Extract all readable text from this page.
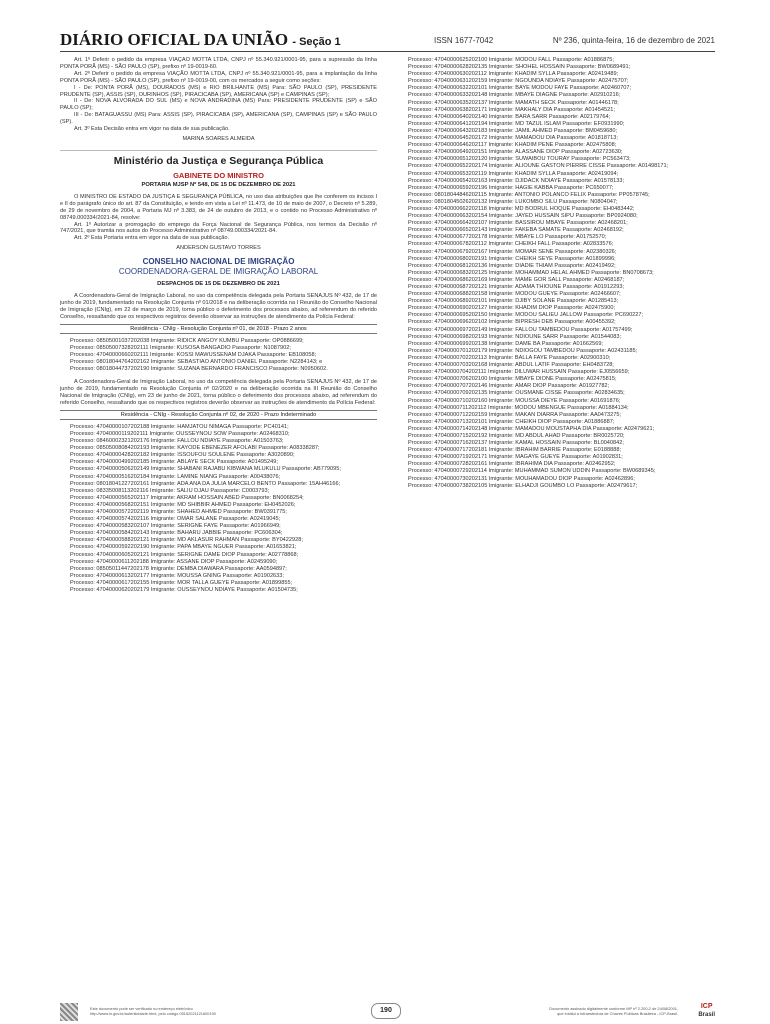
DIÁRIO OFICIAL DA UNIÃO - Seção 1	ISSN 1677-7042	Nº 236, quinta-feira, 16 de dezembro de 2021

Art. 1º Deferir o pedido da empresa VIAÇÃO MOTTA LTDA, CNPJ nº 55.340.921/0001-95, para a supressão da linha PONTA PORÃ (MS) - SÃO PAULO (SP), prefixo nº 19-0019-60.

Art. 2º Deferir o pedido da empresa VIAÇÃO MOTTA LTDA, CNPJ nº 55.340.921/0001-95, para a implantação da linha PONTA PORÃ (MS) - SÃO PAULO (SP), prefixo nº 19-0019-00, com os mercados a seguir como seções:

I - De: PONTA PORÃ (MS), DOURADOS (MS) e RIO BRILHANTE (MS) Para: SÃO PAULO (SP), PRESIDENTE PRUDENTE (SP), ASSIS (SP), OURINHOS (SP), PIRACICABA (SP), AMERICANA (SP) e CAMPINAS (SP);

II - De: NOVA ALVORADA DO SUL (MS) e NOVA ANDRADINA (MS) Para: PRESIDENTE PRUDENTE (SP) e SÃO PAULO (SP);

III - De: BATAGUASSU (MS) Para: ASSIS (SP), PIRACICABA (SP), AMERICANA (SP), CAMPINAS (SP) e SÃO PAULO (SP).

Art. 3º Esta Decisão entra em vigor na data de sua publicação.

MARINA SOARES ALMEIDA
Ministério da Justiça e Segurança Pública
GABINETE DO MINISTRO
PORTARIA MJSP Nº 548, DE 15 DE DEZEMBRO DE 2021

O MINISTRO DE ESTADO DA JUSTIÇA E SEGURANÇA PÚBLICA, no uso das atribuições que lhe conferem os incisos I e II do parágrafo único do art. 87 da Constituição, e tendo em vista a Lei nº 11.473, de 10 de maio de 2007, o Decreto nº 5.289, de 29 de novembro de 2004, a Portaria MJ nº 3.383, de 24 de outubro de 2013, e o contido no Processo Administrativo nº 08749.000334/2021-84, resolve:

Art. 1º Autorizar a prorrogação do emprego da Força Nacional de Segurança Pública, nos termos da Decisão nº 747/2021, que tramita nos autos do Processo Administrativo nº 08749.000334/2021-84.

Art. 2º Esta Portaria entra em vigor na data de sua publicação.

ANDERSON GUSTAVO TORRES
CONSELHO NACIONAL DE IMIGRAÇÃO
COORDENADORA-GERAL DE IMIGRAÇÃO LABORAL
DESPACHOS DE 15 DE DEZEMBRO DE 2021

A Coordenadora-Geral de Imigração Laboral, no uso da competência delegada pela Portaria SENAJUS Nº 432, de 17 de junho de 2019, fundamentado na Resolução Conjunta nº 01/2018 e na deliberação ocorrida na I Reunião do Conselho Nacional de Imigração (CNIg), em 22 de março de 2019, torna público o deferimento dos processos abaixo, ad referendum do referido Conselho, ressaltando que os respectivos registros deverão observar as instruções de atendimento da Polícia Federal:

Residência - CNIg - Resolução Conjunta nº 01, de 2018 - Prazo 2 anos

Processo: 08505001037202038 Imigrante: RIDICK ANGOY KUMBU Passaporte: OP0886699;

Processo: 08505007328202111 Imigrante: KUSOSA BANGADIO Passaporte: N1087902;

Processo: 47040000660202111 Imigrante: KOSSI MAWUSSENAM DJAKA Passaporte: EB108058;

Processo: 08018044764202162 Imigrante: SEBASTIAO ANTONIO DANIEL Passaporte: N2284143; e

Processo: 08018044737202190 Imigrante: SUZANA BERNARDO FRANCISCO Passaporte: N0950602.

A Coordenadora-Geral de Imigração Laboral, no uso da competência delegada pela Portaria SENAJUS Nº 432, de 17 de junho de 2019, fundamentado na Resolução Conjunta nº 02/2020 e na deliberação ocorrida na III Reunião do Conselho Nacional de Imigração (CNIg), em 23 de junho de 2021, torna público o deferimento dos processos abaixo, ad referendum do referido Conselho, ressaltando que os respectivos registros deverão observar as instruções de atendimento da Polícia Federal:

Residência - CNIg - Resolução Conjunta nº 02, de 2020 - Prazo Indeterminado

Processo: 47040000107202188 Imigrante: HAMJATOU NIMAGA Passaporte: PC40141;

Processo: 47040000119202111 Imigrante: OUSSEYNOU SOW Passaporte: A02468310;

Processo: 08460002321202176 Imigrante: FALLOU NDIAYE Passaporte: A01503763;

Processo: 08505008084202193 Imigrante: KAYODE EBENEZER AFOLABI Passaporte: A08338287;

Processo: 47040000428202182 Imigrante: ISSOUFOU SOULENE Passaporte: A3020890;

Processo: 47040000499202185 Imigrante: ABLAYE SECK Passaporte: A01495249;

Processo: 47040000506202149 Imigrante: SHABANI RAJABU KIBWANA MLUKULU Passaporte: AB779095;

Processo: 47040000516202184 Imigrante: LAMINE NIANG Passaporte: A00438076;

Processo: 08018041227202161 Imigrante: ADA ANA DA JULIA MARCELO BENTO Passaporte: 15AH46166;

Processo: 08335008113202116 Imigrante: SALIU DJAU Passaporte: C0003793;

Processo: 47040000565202117 Imigrante: AKRAM HOSSAIN ABED Passaporte: BN0068254;

Processo: 47040000568202151 Imigrante: MD SHIBBIR AHMED Passaporte: EH0452026;

Processo: 47040000572202119 Imigrante: SHAHED AHMED Passaporte: BW0391775;

Processo: 47040000574202116 Imigrante: OMAR SALANE Passaporte: A02419045;

Processo: 47040000583202107 Imigrante: SERIGNE FAYE Passaporte: A01966949;

Processo: 47040000584202143 Imigrante: BAHARU JABBIE Passaporte: PC606304;

Processo: 47040000588202121 Imigrante: MD AKLASUR RAHMAN Passaporte: BY0422928;

Processo: 47040000592202190 Imigrante: PAPA MBAYE NGUER Passaporte: A01653821;

Processo: 47040000605202121 Imigrante: SERIGNE DAME DIOP Passaporte: A02778868;

Processo: 47040000611202188 Imigrante: ASSANE DIOP Passaporte: A02459090;

Processo: 08505011447202178 Imigrante: DEMBA DIAWARA Passaporte: AA0594897;

Processo: 47040000613202177 Imigrante: MOUSSA GNING Passaporte: A01902633;

Processo: 47040000617202155 Imigrante: MOR TALLA GUEYE Passaporte: A01899855;

Processo: 47040000620202179 Imigrante: OUSSEYNOU NDIAYE Passaporte: A01504735;

Processo: 47040000625202100 Imigrante: MODOU FALL Passaporte: A01886875;

Processo: 47040000628202135 Imigrante: SHOHEL HOSSAIN Passaporte: BW0689491;

Processo: 47040000630202112 Imigrante: KHADIM SYLLA Passaporte: A02419489;

Processo: 47040000631202159 Imigrante: NGOUNDA NDIAYE Passaporte: A02475707;

Processo: 47040000632202101 Imigrante: BAYE MODOU FAYE Passaporte: A02460707;

Processo: 47040000633202148 Imigrante: MBAYE DIAGNE Passaporte: A02910216;

Processo: 47040000635202137 Imigrante: MAMATH SECK Passaporte: A01446178;

Processo: 47040000638202171 Imigrante: MAKHALY DIA Passaporte: A01454521;

Processo: 47040000640202140 Imigrante: BARA SARR Passaporte: A02179764;

Processo: 47040000641202194 Imigrante: MD TAZUL ISLAM Passaporte: EF0931990;

Processo: 47040000643202183 Imigrante: JAMIL AHMED Passaporte: BM0459680;

Processo: 47040000645202172 Imigrante: MAMADOU DIA Passaporte: A01818713;

Processo: 47040000646202117 Imigrante: KHADIM PENE Passaporte: A02475808;

Processo: 47040000649202151 Imigrante: ALASSANE DIOP Passaporte: A02723630;

Processo: 47040000651202120 Imigrante: SUWAIBOU TOURAY Passaporte: PC563473;

Processo: 47040000652202174 Imigrante: ALIOUNE GASTON PIERRE CISSE Passaporte: A01498171;

Processo: 47040000653202119 Imigrante: KHADIM SYLLA Passaporte: A02419094;

Processo: 47040000654202163 Imigrante: DJIDACK NDIAYE Passaporte: A01578133;

Processo: 47040000659202196 Imigrante: HAGIE KABBA Passaporte: PC650077;

Processo: 08018044846202115 Imigrante: ANTONIO POLANCO FELIX Passaporte: PP0578745;

Processo: 08018045026202132 Imigrante: LUKOMBO SILU Passaporte: N0804047;

Processo: 47040000662202118 Imigrante: MD BODRUL HOQUE Passaporte: EH0483442;

Processo: 47040000663202154 Imigrante: JAYED HUSSAIN SIPU Passaporte: BP0924080;

Processo: 47040000664202107 Imigrante: BASSIROU MBAYE Passaporte: A02468201;

Processo: 47040000665202143 Imigrante: FAKEBA SAMATE Passaporte: A02468192;

Processo: 47040000677202178 Imigrante: MBAYE LO Passaporte: A01752570;

Processo: 47040000678202112 Imigrante: CHEIKH FALL Passaporte: A02833576;

Processo: 47040000679202167 Imigrante: MOMAR SENE Passaporte: A02380326;

Processo: 47040000680202191 Imigrante: CHEIKH SEYE Passaporte: A01899996;

Processo: 47040000681202136 Imigrante: DIADIE THIAM Passaporte: A02419492;

Processo: 47040000683202125 Imigrante: MOHAMMAD HELAL AHMED Passaporte: BN0708673;

Processo: 47040000686202169 Imigrante: MAME GOR SALL Passaporte: A02468187;

Processo: 47040000687202121 Imigrante: ADAMA THIOUNE Passaporte: A01912293;

Processo: 47040000688202158 Imigrante: MODOU GUEYE Passaporte: A02466607;

Processo: 47040000689202101 Imigrante: DJIBY SOLANE Passaporte: A01285413;

Processo: 47040000690202127 Imigrante: KHADIM DIOP Passaporte: A02475900;

Processo: 47040000695202150 Imigrante: MODOU SALIEU JALLOW Passaporte: PC690227;

Processo: 47040000696202102 Imigrante: BIPRESH DEB Passaporte: A00455392;

Processo: 47040000697202149 Imigrante: FALLOU TAMBEDOU Passaporte: A01757499;

Processo: 47040000698202193 Imigrante: NDIOUNE SARR Passaporte: A01544083;

Processo: 47040000699202138 Imigrante: DAME BA Passaporte: A01662569;

Processo: 47040000701202179 Imigrante: NDIOGOU TAMBEDOU Passaporte: A02431185;

Processo: 47040000702202113 Imigrante: BALLA FAYE Passaporte: A02900310;

Processo: 47040000703202168 Imigrante: ABDUL LATIF Passaporte: EH0483728;

Processo: 47040000704202111 Imigrante: DILUWAR HUSSAIN Passaporte: EJ0556659;

Processo: 47040000706202100 Imigrante: MBAYE DIONE Passaporte: A02475815;

Processo: 47040000707202146 Imigrante: AMAR DIOP Passaporte: A01927782;

Processo: 47040000709202135 Imigrante: OUSMANE CISSE Passaporte: A02834635;

Processo: 47040000710202160 Imigrante: MOUSSA DIEYE Passaporte: A01691876;

Processo: 47040000711202112 Imigrante: MODOU MBENGUE Passaporte: A01884134;

Processo: 47040000712202159 Imigrante: MAKAN DIARRA Passaporte: AA0473275;

Processo: 47040000713202101 Imigrante: CHEIKH DIOP Passaporte: A01886887;

Processo: 47040000714202148 Imigrante: MAMADOU MOUSTAPHA DIA Passaporte: A02479621;

Processo: 47040000715202192 Imigrante: MD ABDUL AHAD Passaporte: BR0025720;

Processo: 47040000716202137 Imigrante: KAMAL HOSSAIN Passaporte: BL0040842;

Processo: 47040000717202181 Imigrante: IBRAHIM BARRIE Passaporte: E0188888;

Processo: 47040000719202171 Imigrante: MAGAYE GUEYE Passaporte: A01902831;

Processo: 47040000728202161 Imigrante: IBRAHIMA DIA Passaporte: A02462952;

Processo: 47040000729202114 Imigrante: MUHAMMAD SUMON UDDIN Passaporte: BW0689345;

Processo: 47040000730202131 Imigrante: MOUHAMADOU DIOP Passaporte: A02462896;

Processo: 47040000738202105 Imigrante: ELHADJI GOUMBO LO Passaporte: A02479617;

Este documento pode ser verificado no endereço eletrônico
http://www.in.gov.br/autenticidade.html, pelo código 05152021121600190	190	Documento assinado digitalmente conforme MP nº 2.200-2 de 24/08/2001,
que institui a Infraestrutura de Chaves Públicas Brasileira - ICP-Brasil.
ICP
Brasil
